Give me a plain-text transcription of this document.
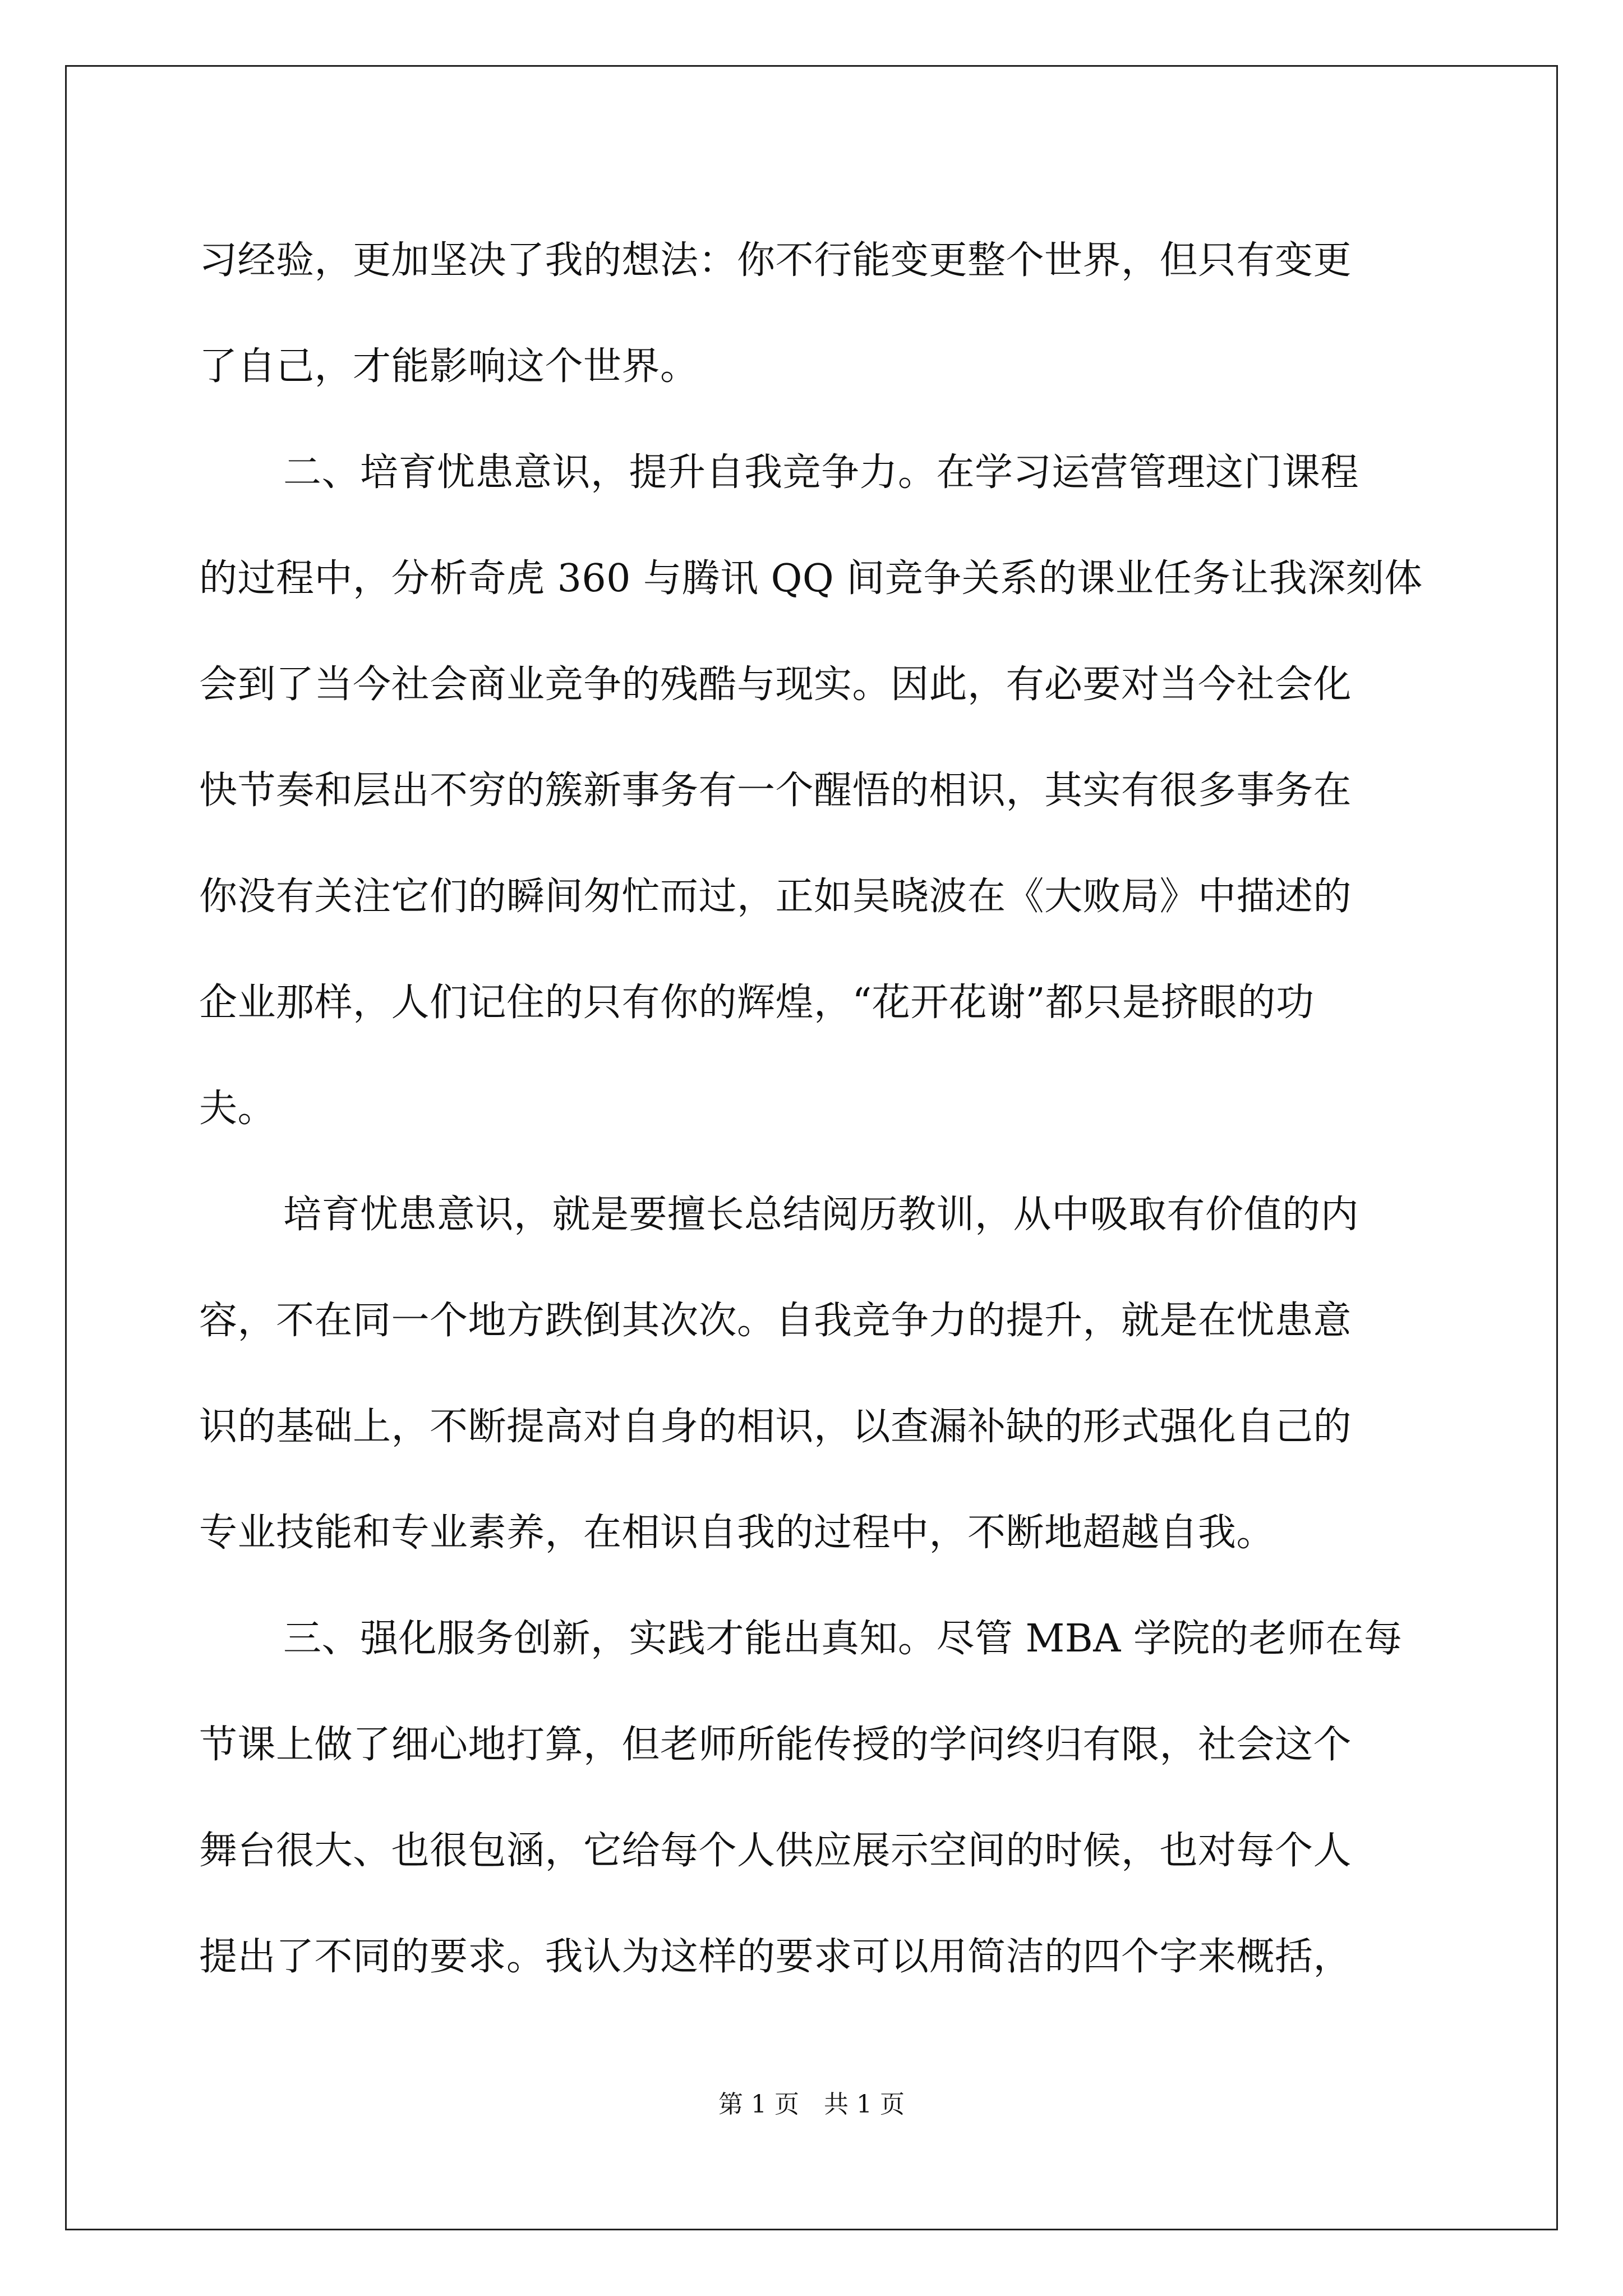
习经验，更加坚决了我的想法：你不行能变更整个世界，但只有变更
了自己，才能影响这个世界。
二、培育忧患意识，提升自我竞争力。在学习运营管理这门课程
的过程中，分析奇虎 360 与腾讯 QQ 间竞争关系的课业任务让我深刻体
会到了当今社会商业竞争的残酷与现实。因此，有必要对当今社会化
快节奏和层出不穷的簇新事务有一个醒悟的相识，其实有很多事务在
你没有关注它们的瞬间匆忙而过，正如吴晓波在《大败局》中描述的
企业那样，人们记住的只有你的辉煌，“花开花谢”都只是挤眼的功
夫。
培育忧患意识，就是要擅长总结阅历教训，从中吸取有价值的内
容，不在同一个地方跌倒其次次。自我竞争力的提升，就是在忧患意
识的基础上，不断提高对自身的相识，以查漏补缺的形式强化自己的
专业技能和专业素养，在相识自我的过程中，不断地超越自我。
三、强化服务创新，实践才能出真知。尽管 MBA 学院的老师在每
节课上做了细心地打算，但老师所能传授的学问终归有限，社会这个
舞台很大、也很包涵，它给每个人供应展示空间的时候，也对每个人
提出了不同的要求。我认为这样的要求可以用简洁的四个字来概括，
第 1 页　共 1 页
